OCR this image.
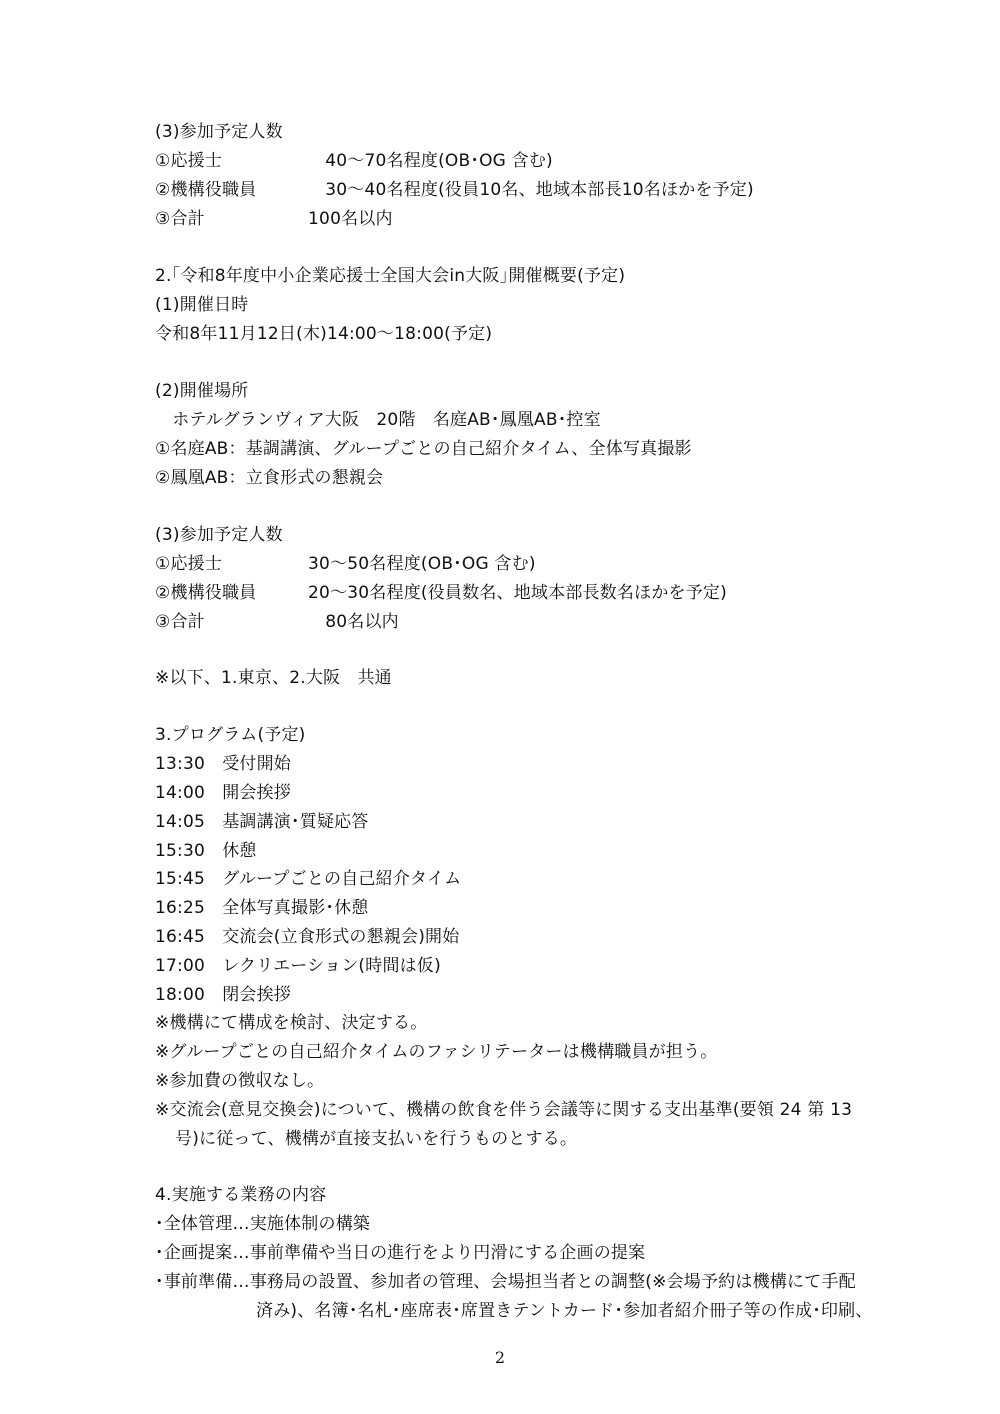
(3)参加予定人数
①応援士　　　　　　40～70名程度(OB･OG 含む)
②機構役職員　　　　30～40名程度(役員10名、地域本部長10名ほかを予定)
③合計　　　　　　100名以内
2.｢令和8年度中小企業応援士全国大会in大阪｣開催概要(予定)
(1)開催日時
令和8年11月12日(木)14:00～18:00(予定)
(2)開催場所
　ホテルグランヴィア大阪　20階　名庭AB･鳳凰AB･控室
①名庭AB：基調講演、グループごとの自己紹介タイム、全体写真撮影
②鳳凰AB：立食形式の懇親会
(3)参加予定人数
①応援士　　　　　30～50名程度(OB･OG 含む)
②機構役職員　　　20～30名程度(役員数名、地域本部長数名ほかを予定)
③合計　　　　　　　80名以内
※以下、1.東京、2.大阪　共通
3.プログラム(予定)
13:30　受付開始
14:00　開会挨拶
14:05　基調講演･質疑応答
15:30　休憩
15:45　グループごとの自己紹介タイム
16:25　全体写真撮影･休憩
16:45　交流会(立食形式の懇親会)開始
17:00　レクリエーション(時間は仮)
18:00　閉会挨拶
※機構にて構成を検討、決定する。
※グループごとの自己紹介タイムのファシリテーターは機構職員が担う。
※参加費の徴収なし。
※交流会(意見交換会)について、機構の飲食を伴う会議等に関する支出基準(要領 24 第 13
号)に従って、機構が直接支払いを行うものとする。
4.実施する業務の内容
･全体管理…実施体制の構築
･企画提案…事前準備や当日の進行をより円滑にする企画の提案
･事前準備…事務局の設置、参加者の管理、会場担当者との調整(※会場予約は機構にて手配
済み)、名簿･名札･座席表･席置きテントカード･参加者紹介冊子等の作成･印刷、
2
